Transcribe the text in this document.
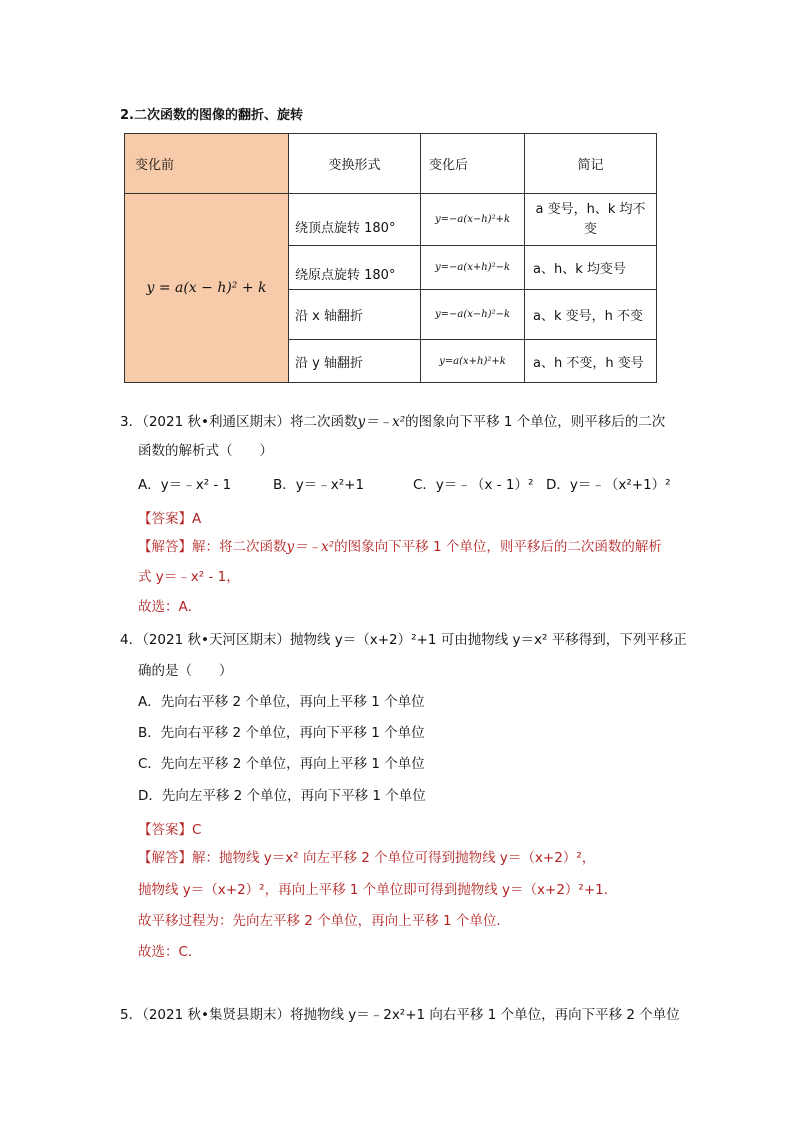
2.二次函数的图像的翻折、旋转
变化前	变换形式	变化后	简记
y = a(x − h)² + k	绕顶点旋转 180°	y=−a(x−h)²+k	a 变号，h、k 均不变
	绕原点旋转 180°	y=−a(x+h)²−k	a、h、k 均变号
	沿 x 轴翻折	y=−a(x−h)²−k	a、k 变号，h 不变
	沿 y 轴翻折	y=a(x+h)²+k	a、h 不变，h 变号
3．（2021 秋•利通区期末）将二次函数y＝﹣x²的图象向下平移 1 个单位，则平移后的二次
函数的解析式（　　）
A．y＝﹣x² - 1	B．y＝﹣x²+1	C．y＝﹣（x - 1）² D．y＝﹣（x²+1）²
【答案】A
【解答】解：将二次函数y＝﹣x²的图象向下平移 1 个单位，则平移后的二次函数的解析
式 y＝﹣x² - 1，
故选：A．
4．（2021 秋•天河区期末）抛物线 y＝（x+2）²+1 可由抛物线 y＝x² 平移得到，下列平移正
确的是（　　）
A．先向右平移 2 个单位，再向上平移 1 个单位
B．先向右平移 2 个单位，再向下平移 1 个单位
C．先向左平移 2 个单位，再向上平移 1 个单位
D．先向左平移 2 个单位，再向下平移 1 个单位
【答案】C
【解答】解：抛物线 y＝x² 向左平移 2 个单位可得到抛物线 y＝（x+2）²，
抛物线 y＝（x+2）²，再向上平移 1 个单位即可得到抛物线 y＝（x+2）²+1．
故平移过程为：先向左平移 2 个单位，再向上平移 1 个单位．
故选：C．
5．（2021 秋•集贤县期末）将抛物线 y＝﹣2x²+1 向右平移 1 个单位，再向下平移 2 个单位
